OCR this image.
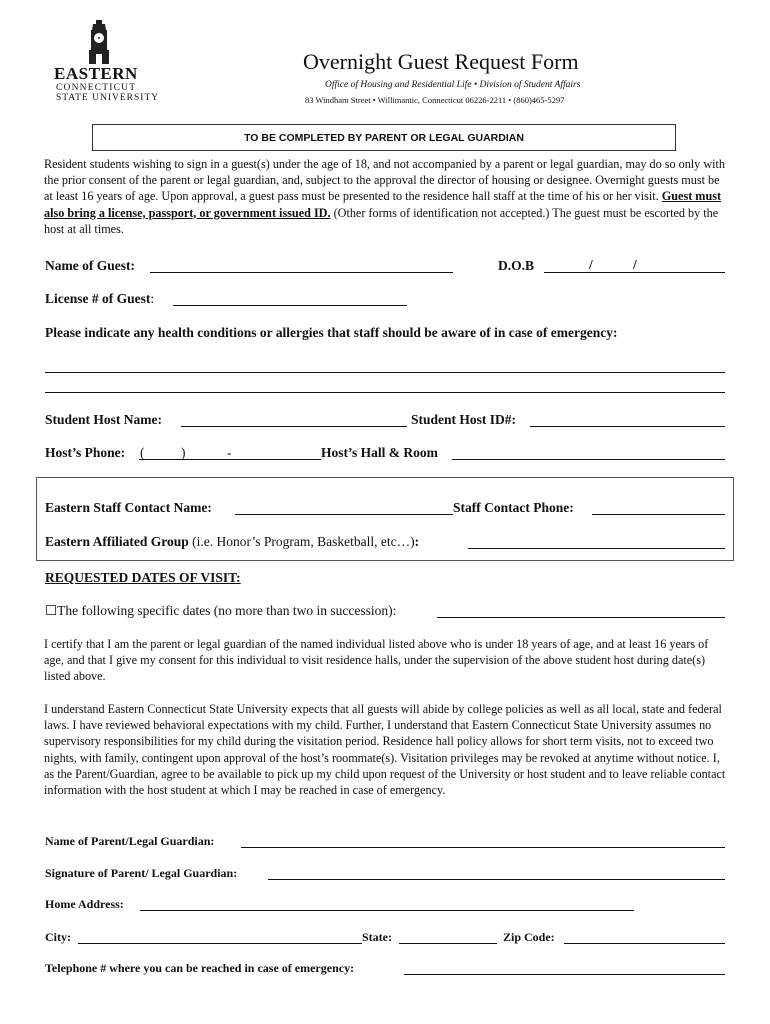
EASTERN
CONNECTICUT
STATE UNIVERSITY
Overnight Guest Request Form
Office of Housing and Residential Life • Division of Student Affairs
83 Windham Street • Willimantic, Connecticut 06226-2211 • (860)465-5297
TO BE COMPLETED BY PARENT OR LEGAL GUARDIAN
Resident students wishing to sign in a guest(s) under the age of 18, and not accompanied by a parent or legal guardian, may do so only with the prior consent of the parent or legal guardian, and, subject to the approval the director of housing or designee. Overnight guests must be at least 16 years of age. Upon approval, a guest pass must be presented to the residence hall staff at the time of his or her visit. Guest must also bring a license, passport, or government issued ID. (Other forms of identification not accepted.) The guest must be escorted by the host at all times.
Name of Guest:	D.O.B	/	/
License # of Guest:
Please indicate any health conditions or allergies that staff should be aware of in case of emergency:
Student Host Name:	Student Host ID#:
Host’s Phone: (	)	-	Host’s Hall & Room
Eastern Staff Contact Name:	Staff Contact Phone:
Eastern Affiliated Group (i.e. Honor’s Program, Basketball, etc…):
REQUESTED DATES OF VISIT:
☐The following specific dates (no more than two in succession):
I certify that I am the parent or legal guardian of the named individual listed above who is under 18 years of age, and at least 16 years of age, and that I give my consent for this individual to visit residence halls, under the supervision of the above student host during date(s) listed above.
I understand Eastern Connecticut State University expects that all guests will abide by college policies as well as all local, state and federal laws. I have reviewed behavioral expectations with my child. Further, I understand that Eastern Connecticut State University assumes no supervisory responsibilities for my child during the visitation period. Residence hall policy allows for short term visits, not to exceed two nights, with family, contingent upon approval of the host’s roommate(s). Visitation privileges may be revoked at anytime without notice. I, as the Parent/Guardian, agree to be available to pick up my child upon request of the University or host student and to leave reliable contact information with the host student at which I may be reached in case of emergency.
Name of Parent/Legal Guardian:
Signature of Parent/ Legal Guardian:
Home Address:
City:	State:	Zip Code:
Telephone # where you can be reached in case of emergency:
